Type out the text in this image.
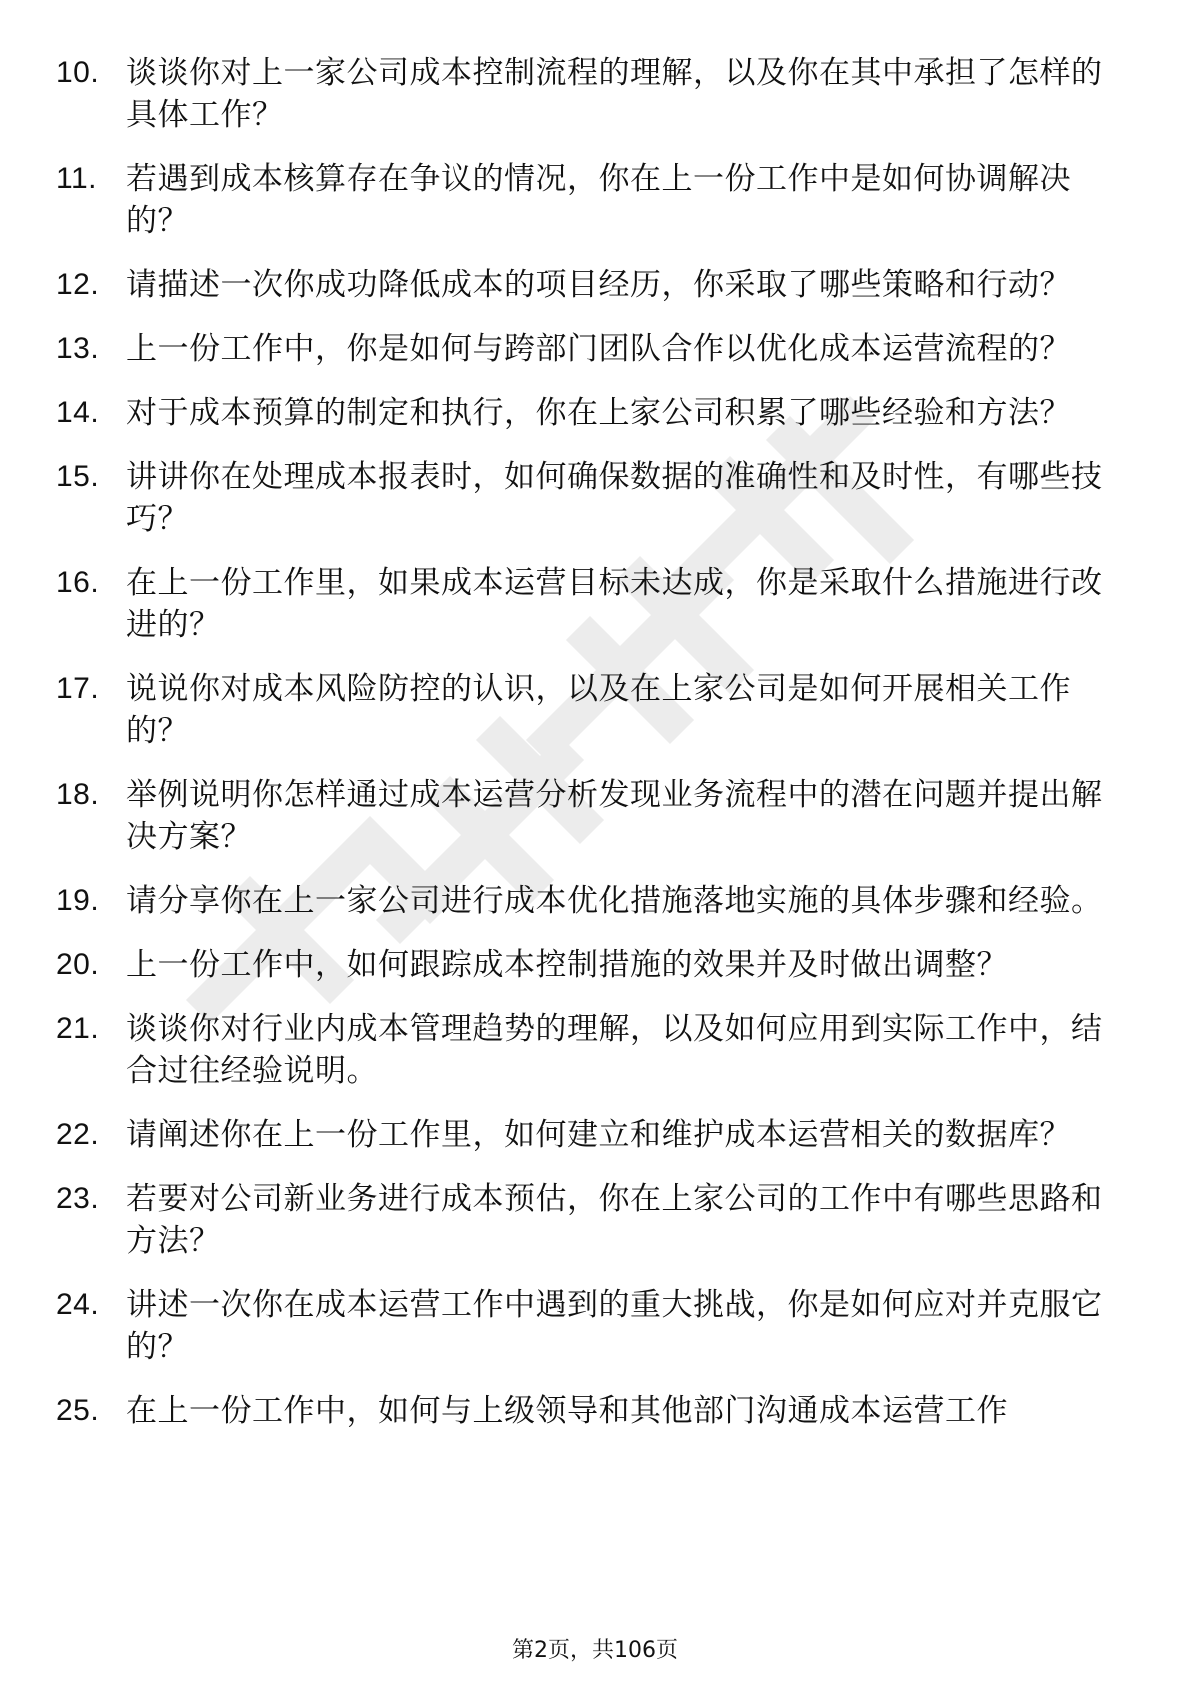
10. 谈谈你对上一家公司成本控制流程的理解，以及你在其中承担了怎样的具体工作？
11. 若遇到成本核算存在争议的情况，你在上一份工作中是如何协调解决的？
12. 请描述一次你成功降低成本的项目经历，你采取了哪些策略和行动？
13. 上一份工作中，你是如何与跨部门团队合作以优化成本运营流程的？
14. 对于成本预算的制定和执行，你在上家公司积累了哪些经验和方法？
15. 讲讲你在处理成本报表时，如何确保数据的准确性和及时性，有哪些技巧？
16. 在上一份工作里，如果成本运营目标未达成，你是采取什么措施进行改进的？
17. 说说你对成本风险防控的认识，以及在上家公司是如何开展相关工作的？
18. 举例说明你怎样通过成本运营分析发现业务流程中的潜在问题并提出解决方案？
19. 请分享你在上一家公司进行成本优化措施落地实施的具体步骤和经验。
20. 上一份工作中，如何跟踪成本控制措施的效果并及时做出调整？
21. 谈谈你对行业内成本管理趋势的理解，以及如何应用到实际工作中，结合过往经验说明。
22. 请阐述你在上一份工作里，如何建立和维护成本运营相关的数据库？
23. 若要对公司新业务进行成本预估，你在上家公司的工作中有哪些思路和方法？
24. 讲述一次你在成本运营工作中遇到的重大挑战，你是如何应对并克服它的？
25. 在上一份工作中，如何与上级领导和其他部门沟通成本运营工作
第2页，共106页
